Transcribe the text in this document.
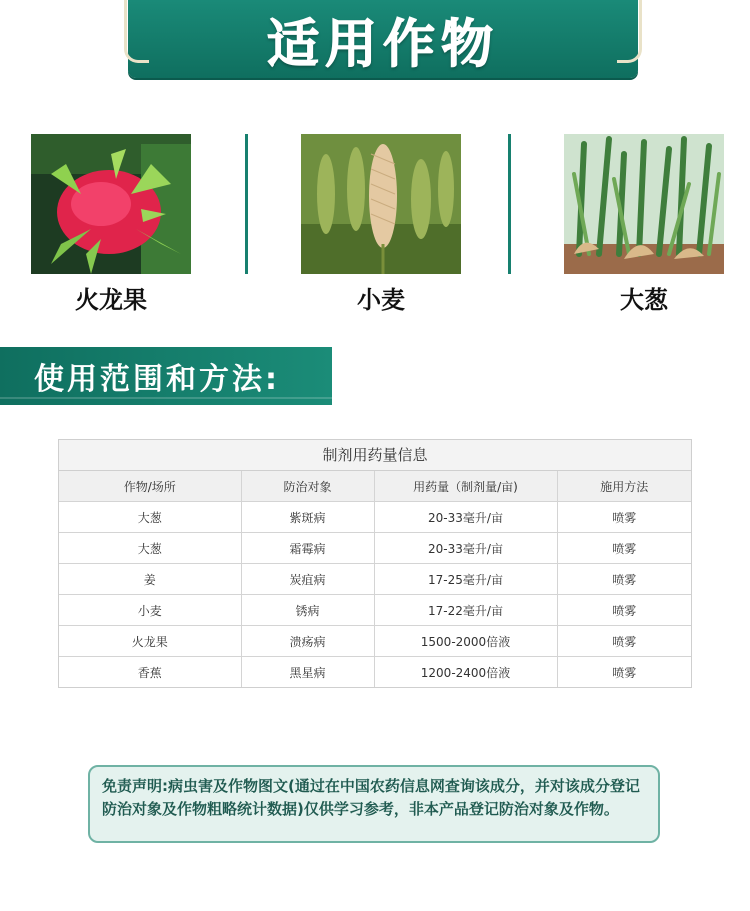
适用作物
火龙果	小麦	大葱
使用范围和方法:
制剂用药量信息
作物/场所	防治对象	用药量（制剂量/亩)	施用方法
大葱	紫斑病	20-33毫升/亩	喷雾
大葱	霜霉病	20-33毫升/亩	喷雾
姜	炭疽病	17-25毫升/亩	喷雾
小麦	锈病	17-22毫升/亩	喷雾
火龙果	溃疡病	1500-2000倍液	喷雾
香蕉	黑星病	1200-2400倍液	喷雾
免责声明:病虫害及作物图文(通过在中国农药信息网查询该成分，并对该成分登记防治对象及作物粗略统计数据)仅供学习参考，非本产品登记防治对象及作物。
